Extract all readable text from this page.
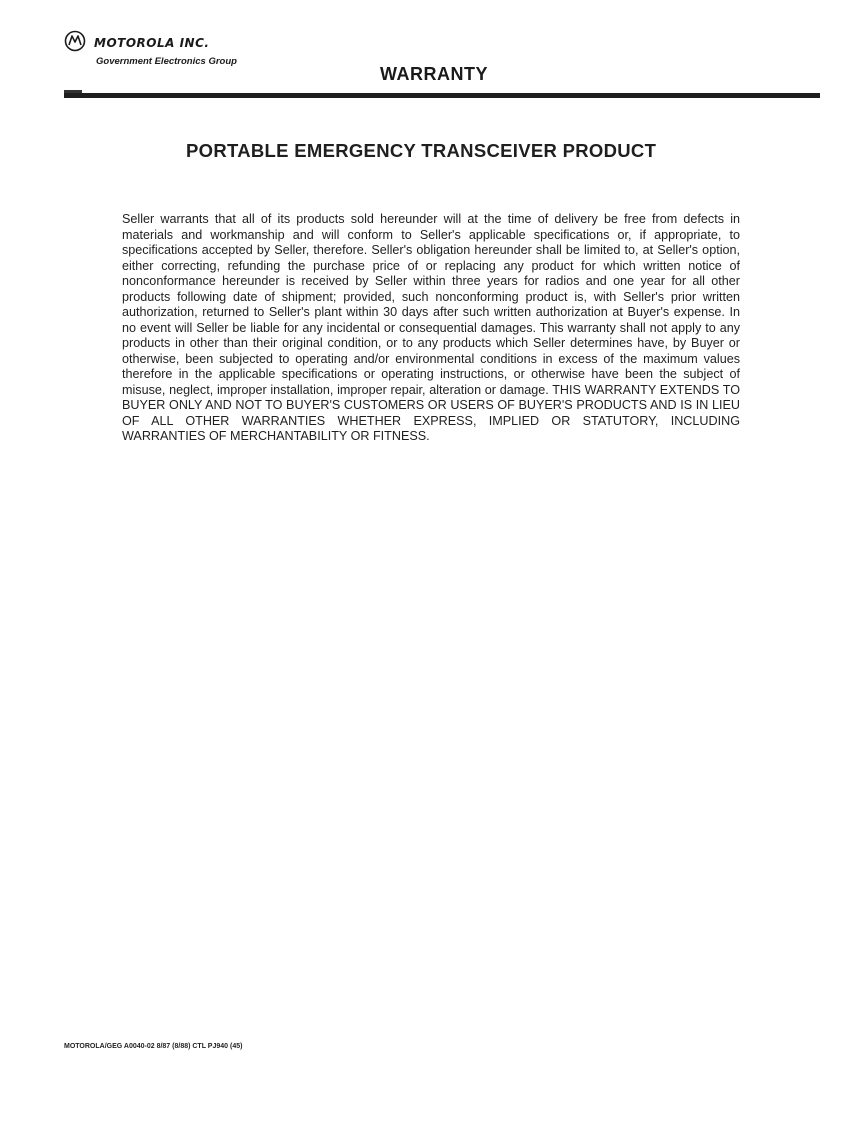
MOTOROLA INC.
Government Electronics Group
WARRANTY
PORTABLE EMERGENCY TRANSCEIVER PRODUCT
Seller warrants that all of its products sold hereunder will at the time of delivery be free from defects in materials and workmanship and will conform to Seller's applicable specifications or, if appropriate, to specifications accepted by Seller, therefore. Seller's obligation hereunder shall be limited to, at Seller's option, either correcting, refunding the purchase price of or replacing any product for which written notice of nonconformance hereunder is received by Seller within three years for radios and one year for all other products following date of shipment; provided, such nonconforming product is, with Seller's prior written authorization, returned to Seller's plant within 30 days after such written authorization at Buyer's expense. In no event will Seller be liable for any incidental or consequential damages. This warranty shall not apply to any products in other than their original condition, or to any products which Seller determines have, by Buyer or otherwise, been subjected to operating and/or environmental conditions in excess of the maximum values therefore in the applicable specifications or operating instructions, or otherwise have been the subject of misuse, neglect, improper installation, improper repair, alteration or damage. THIS WARRANTY EXTENDS TO BUYER ONLY AND NOT TO BUYER'S CUSTOMERS OR USERS OF BUYER'S PRODUCTS AND IS IN LIEU OF ALL OTHER WARRANTIES WHETHER EXPRESS, IMPLIED OR STATUTORY, INCLUDING WARRANTIES OF MERCHANTABILITY OR FITNESS.
MOTOROLA/GEG A0040-02 8/87 (8/88) CTL PJ940 (45)
